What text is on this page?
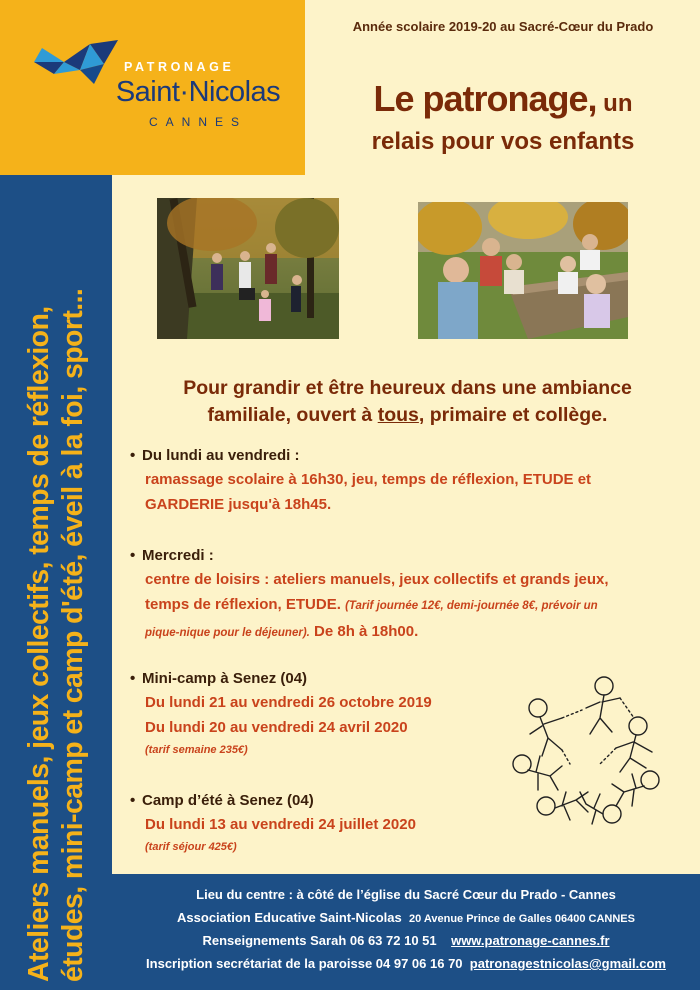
PATRONAGE
Saint·Nicolas
CANNES
Année scolaire 2019-20 au Sacré-Cœur du Prado
Le patronage, un
relais pour vos enfants
Ateliers manuels, jeux collectifs, temps de réflexion, études, mini-camp et camp d'été, éveil à la foi, sport...	Pour grandir et être heureux dans une ambiance
familiale, ouvert à tous, primaire et collège.
• Du lundi au vendredi :
ramassage scolaire à 16h30, jeu, temps de réflexion, ETUDE et
GARDERIE jusqu'à 18h45.
• Mercredi :
centre de loisirs : ateliers manuels, jeux collectifs et grands jeux,
temps de réflexion, ETUDE. (Tarif journée 12€, demi-journée 8€, prévoir un
pique-nique pour le déjeuner). De 8h à 18h00.
• Mini-camp à Senez (04)
Du lundi 21 au vendredi 26 octobre 2019
Du lundi 20 au vendredi 24 avril 2020
(tarif semaine 235€)
• Camp d’été à Senez (04)
Du lundi 13 au vendredi 24 juillet 2020
(tarif séjour 425€)
Lieu du centre : à côté de l’église du Sacré Cœur du Prado - Cannes
Association Educative Saint-Nicolas 20 Avenue Prince de Galles 06400 CANNES
Renseignements Sarah 06 63 72 10 51 www.patronage-cannes.fr
Inscription secrétariat de la paroisse 04 97 06 16 70 patronagestnicolas@gmail.com
